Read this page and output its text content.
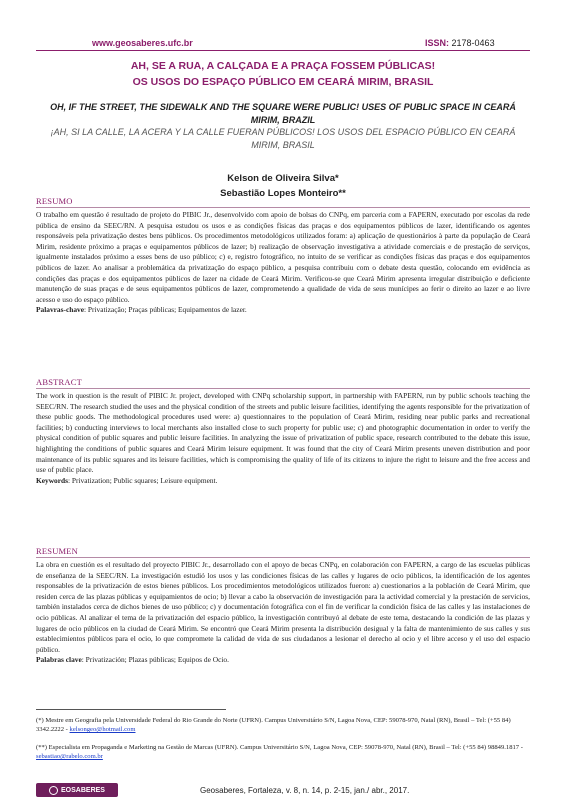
www.geosaberes.ufc.br	ISSN: 2178-0463
AH, SE A RUA, A CALÇADA E A PRAÇA FOSSEM PÚBLICAS!
OS USOS DO ESPAÇO PÚBLICO EM CEARÁ MIRIM, BRASIL
OH, IF THE STREET, THE SIDEWALK AND THE SQUARE WERE PUBLIC! USES OF PUBLIC SPACE IN CEARÁ MIRIM, BRAZIL
¡AH, SI LA CALLE, LA ACERA Y LA CALLE FUERAN PÚBLICOS! LOS USOS DEL ESPACIO PÚBLICO EN CEARÁ MIRIM, BRASIL
Kelson de Oliveira Silva*
Sebastião Lopes Monteiro**
RESUMO

O trabalho em questão é resultado de projeto do PIBIC Jr., desenvolvido com apoio de bolsas do CNPq, em parceria com a FAPERN, executado por escolas da rede pública de ensino da SEEC/RN. A pesquisa estudou os usos e as condições físicas das praças e dos equipamentos públicos de lazer, identificando os agentes responsáveis pela privatização destes bens públicos. Os procedimentos metodológicos utilizados foram: a) aplicação de questionários à parte da população de Ceará Mirim, residente próximo a praças e equipamentos públicos de lazer; b) realização de observação investigativa a atividade comerciais e de prestação de serviços, igualmente instalados próximo a esses bens de uso público; c) e, registro fotográfico, no intuito de se verificar as condições físicas das praças e dos equipamentos públicos de lazer. Ao analisar a problemática da privatização do espaço público, a pesquisa contribuiu com o debate desta questão, colocando em evidência as condições das praças e dos equipamentos públicos de lazer na cidade de Ceará Mirim. Verificou-se que Ceará Mirim apresenta irregular distribuição e deficiente manutenção de suas praças e de seus equipamentos públicos de lazer, comprometendo a qualidade de vida de seus munícipes ao ferir o direito ao lazer e ao livre acesso e uso do espaço público.

Palavras-chave: Privatização; Praças públicas; Equipamentos de lazer.

ABSTRACT

The work in question is the result of PIBIC Jr. project, developed with CNPq scholarship support, in partnership with FAPERN, run by public schools teaching the SEEC/RN. The research studied the uses and the physical condition of the streets and public leisure facilities, identifying the agents responsible for the privatization of these public goods. The methodological procedures used were: a) questionnaires to the population of Ceará Mirim, residing near public parks and recreational facilities; b) conducting interviews to local merchants also installed close to such property for public use; c) and photographic documentation in order to verify the physical condition of public squares and public leisure facilities. In analyzing the issue of privatization of public space, research contributed to the debate this issue, highlighting the conditions of public squares and Ceará Mirim leisure equipment. It was found that the city of Ceará Mirim presents uneven distribution and poor maintenance of its public squares and its leisure facilities, which is compromising the quality of life of its citizens to injure the right to leisure and the free access and use of public place.

Keywords: Privatization; Public squares; Leisure equipment.

RESUMEN

La obra en cuestión es el resultado del proyecto PIBIC Jr., desarrollado con el apoyo de becas CNPq, en colaboración con FAPERN, a cargo de las escuelas públicas de enseñanza de la SEEC/RN. La investigación estudió los usos y las condiciones físicas de las calles y lugares de ocio públicos, la identificación de los agentes responsables de la privatización de estos bienes públicos. Los procedimientos metodológicos utilizados fueron: a) cuestionarios a la población de Ceará Mirim, que residen cerca de las plazas públicas y equipamientos de ocio; b) llevar a cabo la observación de investigación para la actividad comercial y la prestación de servicios, también instalados cerca de dichos bienes de uso público; c) y documentación fotográfica con el fin de verificar la condición física de las calles y las instalaciones de ocio públicas. Al analizar el tema de la privatización del espacio público, la investigación contribuyó al debate de este tema, destacando la condición de las plazas y lugares de ocio públicos en la ciudad de Ceará Mirim. Se encontró que Ceará Mirim presenta la distribución desigual y la falta de mantenimiento de sus calles y sus establecimientos públicos para el ocio, lo que compromete la calidad de vida de sus ciudadanos a lesionar el derecho al ocio y el libre acceso y el uso del espacio público.

Palabras clave: Privatización; Plazas públicas; Equipos de Ocio.

(*) Mestre em Geografia pela Universidade Federal do Rio Grande do Norte (UFRN). Campus Universitário S/N, Lagoa Nova, CEP: 59078-970, Natal (RN), Brasil – Tel: (+55 84) 3342.2222 - kelsongeo@hotmail.com
(**) Especialista em Propaganda e Marketing na Gestão de Marcas (UFRN). Campus Universitário S/N, Lagoa Nova, CEP: 59078-970, Natal (RN), Brasil – Tel: (+55 84) 98849.1817 - sebastiao@rabelo.com.br
EOSABERES	Geosaberes, Fortaleza, v. 8, n. 14, p. 2-15, jan./ abr., 2017.
